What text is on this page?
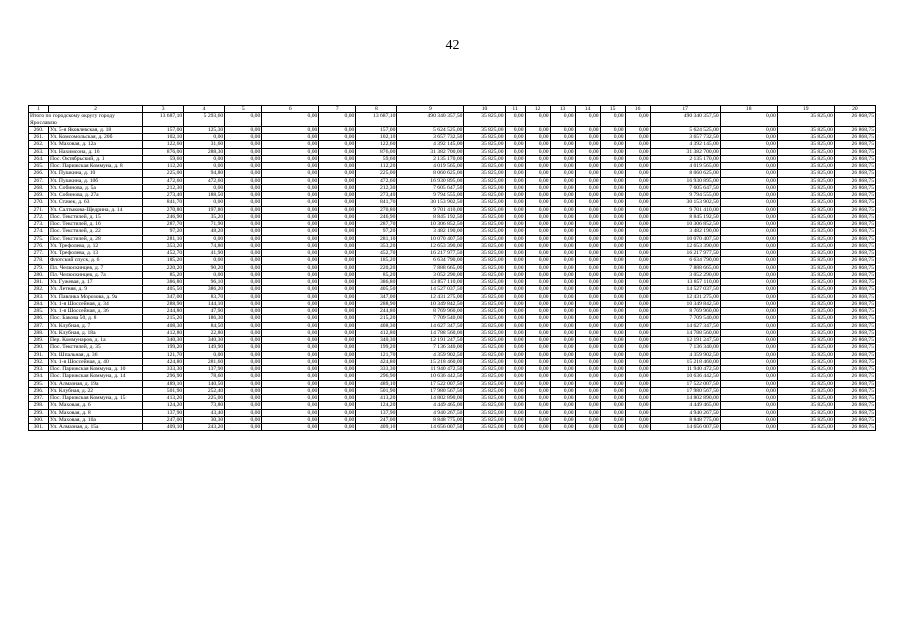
42
1	2	3	4	5	6	7	8	9	10	11	12	13	14	15	16	17	18	19	20
Итого по городскому округу городу Ярославлю		13 687,10	5 293,60	0,00	0,00	0,00	13 687,10	490 340 357,50	35 825,00	0,00	0,00	0,00	0,00	0,00	0,00	490 340 357,50	0,00	35 825,00	26 868,75
260.	Ул. 5-я Яковлевская, д. 18	157,00	125,30	0,00	0,00	0,00	157,00	5 624 525,00	35 825,00	0,00	0,00	0,00	0,00	0,00	0,00	5 624 525,00	0,00	35 825,00	26 868,75
261.	Ул. Комсомольская, д. 20б	102,10	0,00	0,00	0,00	0,00	102,10	3 657 732,50	35 825,00	0,00	0,00	0,00	0,00	0,00	0,00	3 657 732,50	0,00	35 825,00	26 868,75
262.	Ул. Маховая, д. 12а	122,60	31,60	0,00	0,00	0,00	122,60	4 392 145,00	35 825,00	0,00	0,00	0,00	0,00	0,00	0,00	4 392 145,00	0,00	35 825,00	26 868,75
263.	Ул. Нахимсона, д. 16	876,00	288,30	0,00	0,00	0,00	876,00	31 382 700,00	35 825,00	0,00	0,00	0,00	0,00	0,00	0,00	31 382 700,00	0,00	35 825,00	26 868,75
264.	Пос. Октябрьский, д. 1	59,60	0,00	0,00	0,00	0,00	59,60	2 135 170,00	35 825,00	0,00	0,00	0,00	0,00	0,00	0,00	2 135 170,00	0,00	35 825,00	26 868,75
265.	Пос. Парижская Коммуна, д. 8	112,20	0,00	0,00	0,00	0,00	112,20	4 019 565,00	35 825,00	0,00	0,00	0,00	0,00	0,00	0,00	4 019 565,00	0,00	35 825,00	26 868,75
266.	Ул. Пушкина, д. 10	225,00	94,80	0,00	0,00	0,00	225,00	8 060 625,00	35 825,00	0,00	0,00	0,00	0,00	0,00	0,00	8 060 625,00	0,00	35 825,00	26 868,75
267.	Ул. Пушкина, д. 10б	472,60	472,60	0,00	0,00	0,00	472,60	16 930 895,00	35 825,00	0,00	0,00	0,00	0,00	0,00	0,00	16 930 895,00	0,00	35 825,00	26 868,75
268.	Ул. Собинова, д. 5а	212,30	0,00	0,00	0,00	0,00	212,30	7 605 647,50	35 825,00	0,00	0,00	0,00	0,00	0,00	0,00	7 605 647,50	0,00	35 825,00	26 868,75
269.	Ул. Собинова, д. 27а	273,40	188,50	0,00	0,00	0,00	273,40	9 794 555,00	35 825,00	0,00	0,00	0,00	0,00	0,00	0,00	9 794 555,00	0,00	35 825,00	26 868,75
270.	Ул. Стачек, д. 63	841,70	0,00	0,00	0,00	0,00	841,70	30 153 902,50	35 825,00	0,00	0,00	0,00	0,00	0,00	0,00	30 153 902,50	0,00	35 825,00	26 868,75
271.	Ул. Салтыкова-Щедрина, д. 14	270,80	197,80	0,00	0,00	0,00	270,80	9 701 410,00	35 825,00	0,00	0,00	0,00	0,00	0,00	0,00	9 701 410,00	0,00	35 825,00	26 868,75
272.	Пос. Текстилей, д. 15	246,90	35,20	0,00	0,00	0,00	246,90	8 845 192,50	35 825,00	0,00	0,00	0,00	0,00	0,00	0,00	8 845 192,50	0,00	35 825,00	26 868,75
273.	Пос. Текстилей, д. 16	287,70	71,90	0,00	0,00	0,00	287,70	10 306 852,50	35 825,00	0,00	0,00	0,00	0,00	0,00	0,00	10 306 852,50	0,00	35 825,00	26 868,75
274.	Пос. Текстилей, д. 22	97,20	48,20	0,00	0,00	0,00	97,20	3 482 190,00	35 825,00	0,00	0,00	0,00	0,00	0,00	0,00	3 482 190,00	0,00	35 825,00	26 868,75
275.	Пос. Текстилей, д. 28	281,10	0,00	0,00	0,00	0,00	281,10	10 070 407,50	35 825,00	0,00	0,00	0,00	0,00	0,00	0,00	10 070 407,50	0,00	35 825,00	26 868,75
276.	Ул. Трефолева, д. 12	353,20	74,80	0,00	0,00	0,00	353,20	12 653 390,00	35 825,00	0,00	0,00	0,00	0,00	0,00	0,00	12 653 390,00	0,00	35 825,00	26 868,75
277.	Ул. Трефолева, д. 13	452,70	41,90	0,00	0,00	0,00	452,70	16 217 977,50	35 825,00	0,00	0,00	0,00	0,00	0,00	0,00	16 217 977,50	0,00	35 825,00	26 868,75
278.	Флотский спуск, д. 6	185,20	0,00	0,00	0,00	0,00	185,20	6 634 790,00	35 825,00	0,00	0,00	0,00	0,00	0,00	0,00	6 634 790,00	0,00	35 825,00	26 868,75
279.	Пл. Челюскинцев, д. 7	220,20	90,20	0,00	0,00	0,00	220,20	7 888 665,00	35 825,00	0,00	0,00	0,00	0,00	0,00	0,00	7 888 665,00	0,00	35 825,00	26 868,75
280.	Пл. Челюскинцев, д. 7а	85,20	0,00	0,00	0,00	0,00	85,20	3 052 290,00	35 825,00	0,00	0,00	0,00	0,00	0,00	0,00	3 052 290,00	0,00	35 825,00	26 868,75
281.	Ул. Гужевая, д. 17	386,80	96,10	0,00	0,00	0,00	386,80	13 857 110,00	35 825,00	0,00	0,00	0,00	0,00	0,00	0,00	13 857 110,00	0,00	35 825,00	26 868,75
282.	Ул. Летняя, д. 9	405,50	386,20	0,00	0,00	0,00	405,50	14 527 037,50	35 825,00	0,00	0,00	0,00	0,00	0,00	0,00	14 527 037,50	0,00	35 825,00	26 868,75
283.	Ул. Павлика Морозова, д. 9а	347,00	83,70	0,00	0,00	0,00	347,00	12 431 275,00	35 825,00	0,00	0,00	0,00	0,00	0,00	0,00	12 431 275,00	0,00	35 825,00	26 868,75
284.	Ул. 1-я Шоссейная, д. 34	288,90	144,10	0,00	0,00	0,00	288,90	10 349 842,50	35 825,00	0,00	0,00	0,00	0,00	0,00	0,00	10 349 842,50	0,00	35 825,00	26 868,75
285.	Ул. 1-я Шоссейная, д. 36	244,80	47,90	0,00	0,00	0,00	244,80	8 769 960,00	35 825,00	0,00	0,00	0,00	0,00	0,00	0,00	8 769 960,00	0,00	35 825,00	26 868,75
286.	Пос. Бакова 50, д. 8	215,20	186,30	0,00	0,00	0,00	215,20	7 709 540,00	35 825,00	0,00	0,00	0,00	0,00	0,00	0,00	7 709 540,00	0,00	35 825,00	26 868,75
287.	Ул. Клубная, д. 7	408,30	84,50	0,00	0,00	0,00	408,30	14 627 347,50	35 825,00	0,00	0,00	0,00	0,00	0,00	0,00	14 627 347,50	0,00	35 825,00	26 868,75
288.	Ул. Клубная, д. 18а	412,80	22,80	0,00	0,00	0,00	412,80	14 788 560,00	35 825,00	0,00	0,00	0,00	0,00	0,00	0,00	14 788 560,00	0,00	35 825,00	26 868,75
289.	Пер. Коммунаров, д. 1а	340,30	340,30	0,00	0,00	0,00	340,30	12 191 247,50	35 825,00	0,00	0,00	0,00	0,00	0,00	0,00	12 191 247,50	0,00	35 825,00	26 868,75
290.	Пос. Текстилей, д. 35	199,20	149,90	0,00	0,00	0,00	199,20	7 136 340,00	35 825,00	0,00	0,00	0,00	0,00	0,00	0,00	7 136 340,00	0,00	35 825,00	26 868,75
291.	Ул. Шпальная, д. 36	121,70	0,00	0,00	0,00	0,00	121,70	4 359 902,50	35 825,00	0,00	0,00	0,00	0,00	0,00	0,00	4 359 902,50	0,00	35 825,00	26 868,75
292.	Ул. 1-я Шоссейная, д. 40	424,80	281,60	0,00	0,00	0,00	424,80	15 218 460,00	35 825,00	0,00	0,00	0,00	0,00	0,00	0,00	15 218 460,00	0,00	35 825,00	26 868,75
293.	Пос. Парижская Коммуна, д. 10	333,30	137,90	0,00	0,00	0,00	333,30	11 940 472,50	35 825,00	0,00	0,00	0,00	0,00	0,00	0,00	11 940 472,50	0,00	35 825,00	26 868,75
294.	Пос. Парижская Коммуна, д. 14	296,90	78,60	0,00	0,00	0,00	296,90	10 636 442,50	35 825,00	0,00	0,00	0,00	0,00	0,00	0,00	10 636 442,50	0,00	35 825,00	26 868,75
295.	Ул. Алмазная, д. 19а	489,10	140,50	0,00	0,00	0,00	489,10	17 522 007,50	35 825,00	0,00	0,00	0,00	0,00	0,00	0,00	17 522 007,50	0,00	35 825,00	26 868,75
296.	Ул. Клубная, д. 22	501,90	252,40	0,00	0,00	0,00	501,90	17 980 567,50	35 825,00	0,00	0,00	0,00	0,00	0,00	0,00	17 980 567,50	0,00	35 825,00	26 868,75
297.	Пос. Парижская Коммуна, д. 15	413,20	225,00	0,00	0,00	0,00	413,20	14 802 890,00	35 825,00	0,00	0,00	0,00	0,00	0,00	0,00	14 802 890,00	0,00	35 825,00	26 868,75
298.	Ул. Маховая, д. 6	124,20	73,80	0,00	0,00	0,00	124,20	4 449 465,00	35 825,00	0,00	0,00	0,00	0,00	0,00	0,00	4 449 465,00	0,00	35 825,00	26 868,75
299.	Ул. Маховая, д. 8	137,90	43,40	0,00	0,00	0,00	137,90	4 940 267,50	35 825,00	0,00	0,00	0,00	0,00	0,00	0,00	4 940 267,50	0,00	35 825,00	26 868,75
300.	Ул. Маховая, д. 10а	247,00	30,30	0,00	0,00	0,00	247,00	8 848 775,00	35 825,00	0,00	0,00	0,00	0,00	0,00	0,00	8 848 775,00	0,00	35 825,00	26 868,75
301.	Ул. Алмазная, д. 15а	409,10	243,20	0,00	0,00	0,00	409,10	14 656 007,50	35 825,00	0,00	0,00	0,00	0,00	0,00	0,00	14 656 007,50	0,00	35 825,00	26 868,75
